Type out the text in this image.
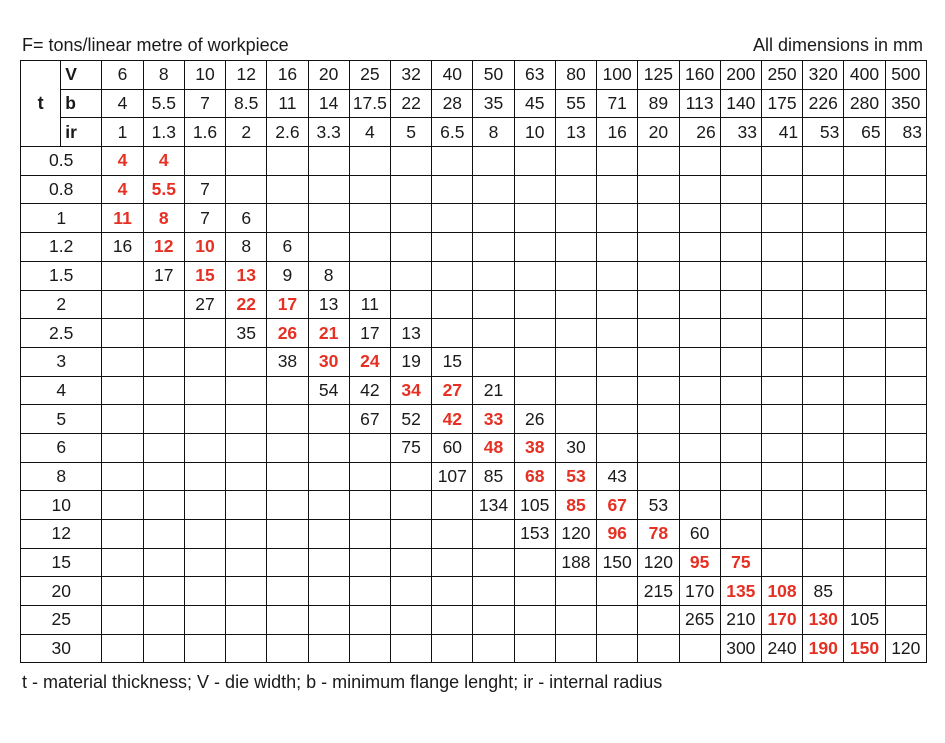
F= tons/linear metre of workpiece	All dimensions in mm
t	V	6	8	10	12	16	20	25	32	40	50	63	80	100	125	160	200	250	320	400	500
	b	4	5.5	7	8.5	11	14	17.5	22	28	35	45	55	71	89	113	140	175	226	280	350
	ir	1	1.3	1.6	2	2.6	3.3	4	5	6.5	8	10	13	16	20	26	33	41	53	65	83
0.5		4	4																		
0.8		4	5.5	7																	
1		11	8	7	6																
1.2		16	12	10	8	6															
1.5			17	15	13	9	8														
2				27	22	17	13	11													
2.5					35	26	21	17	13												
3						38	30	24	19	15											
4							54	42	34	27	21										
5								67	52	42	33	26									
6									75	60	48	38	30								
8										107	85	68	53	43							
10											134	105	85	67	53						
12												153	120	96	78	60					
15													188	150	120	95	75				
20															215	170	135	108	85		
25																265	210	170	130	105	
30																	300	240	190	150	120
t - material thickness; V - die width; b - minimum flange lenght; ir - internal radius
